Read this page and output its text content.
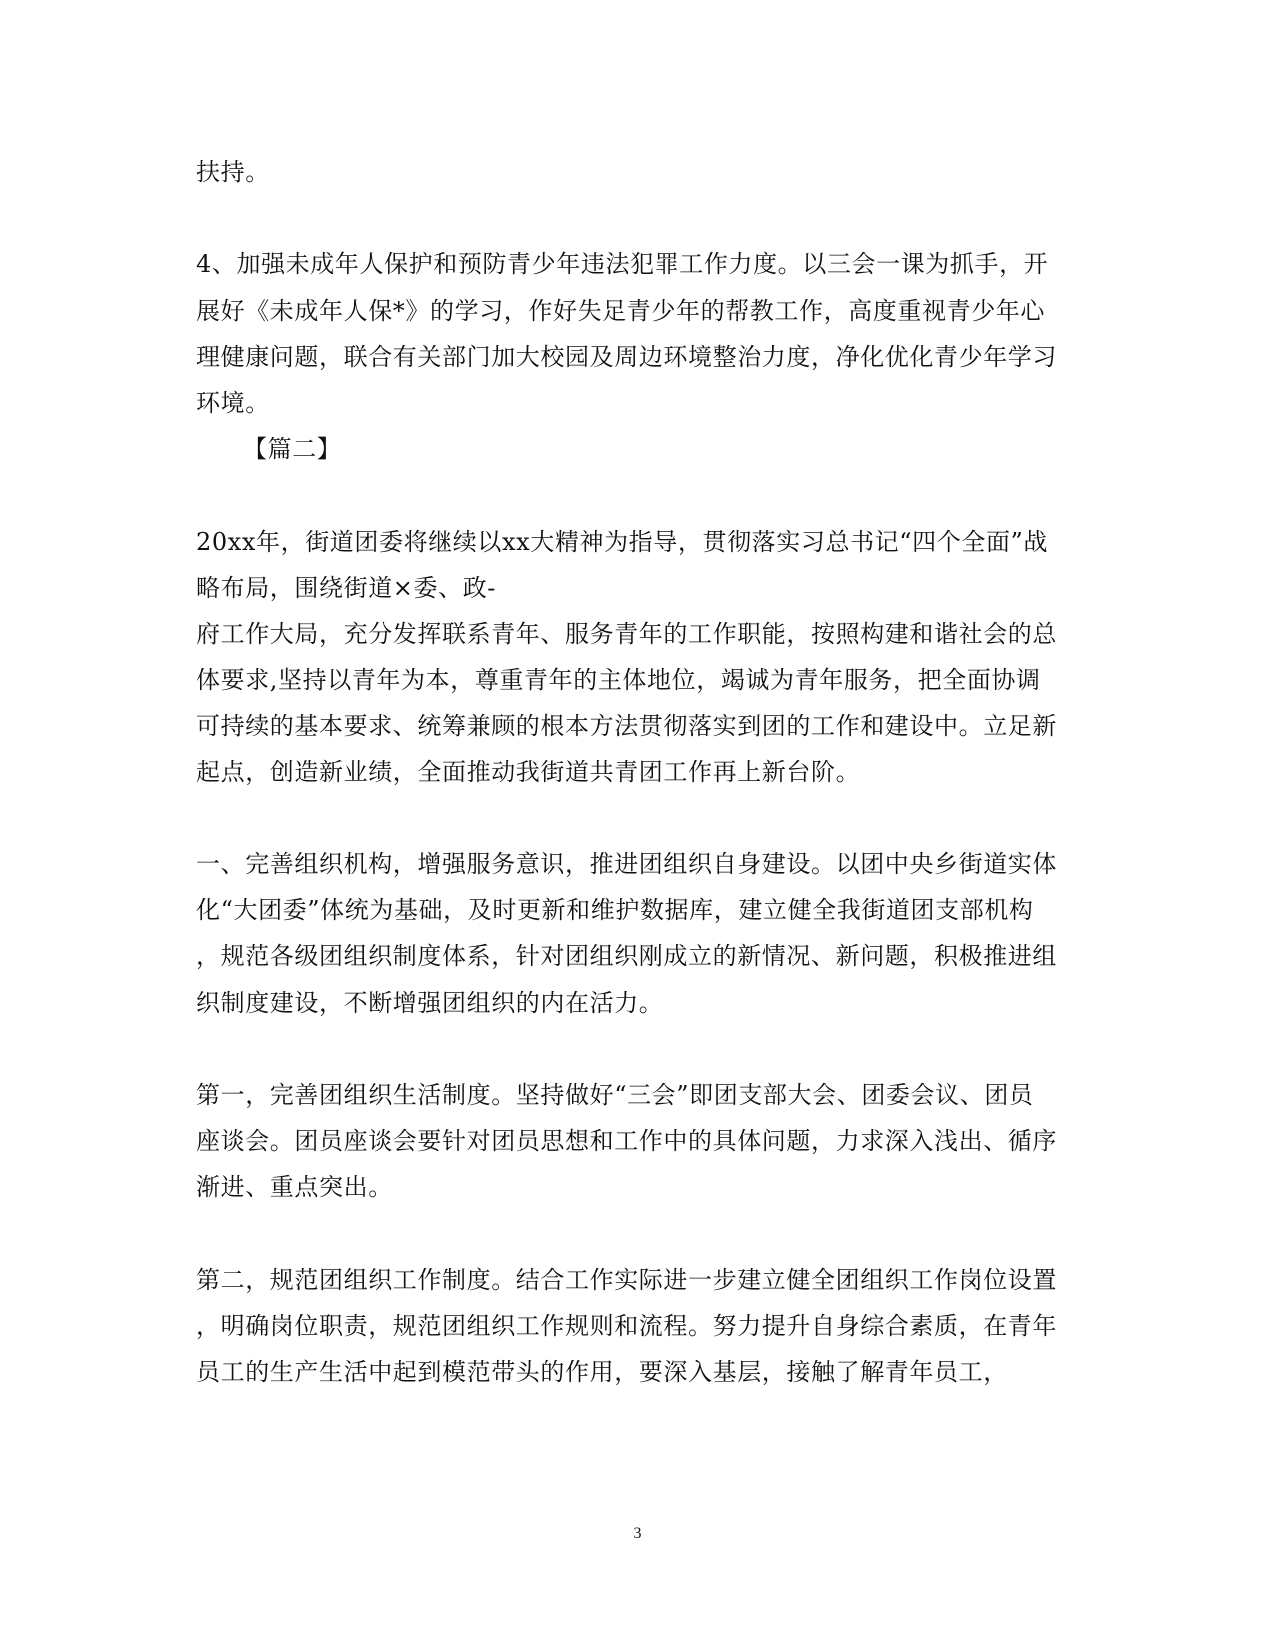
扶持。
4、加强未成年人保护和预防青少年违法犯罪工作力度。以三会一课为抓手，开
展好《未成年人保*》的学习，作好失足青少年的帮教工作，高度重视青少年心
理健康问题，联合有关部门加大校园及周边环境整治力度，净化优化青少年学习
环境。
【篇二】
20xx年，街道团委将继续以xx大精神为指导，贯彻落实习总书记“四个全面”战
略布局，围绕街道×委、政-
府工作大局，充分发挥联系青年、服务青年的工作职能，按照构建和谐社会的总
体要求,坚持以青年为本，尊重青年的主体地位，竭诚为青年服务，把全面协调
可持续的基本要求、统筹兼顾的根本方法贯彻落实到团的工作和建设中。立足新
起点，创造新业绩，全面推动我街道共青团工作再上新台阶。
一、完善组织机构，增强服务意识，推进团组织自身建设。以团中央乡街道实体
化“大团委”体统为基础，及时更新和维护数据库，建立健全我街道团支部机构
，规范各级团组织制度体系，针对团组织刚成立的新情况、新问题，积极推进组
织制度建设，不断增强团组织的内在活力。
第一，完善团组织生活制度。坚持做好“三会”即团支部大会、团委会议、团员
座谈会。团员座谈会要针对团员思想和工作中的具体问题，力求深入浅出、循序
渐进、重点突出。
第二，规范团组织工作制度。结合工作实际进一步建立健全团组织工作岗位设置
，明确岗位职责，规范团组织工作规则和流程。努力提升自身综合素质，在青年
员工的生产生活中起到模范带头的作用，要深入基层，接触了解青年员工，
3
